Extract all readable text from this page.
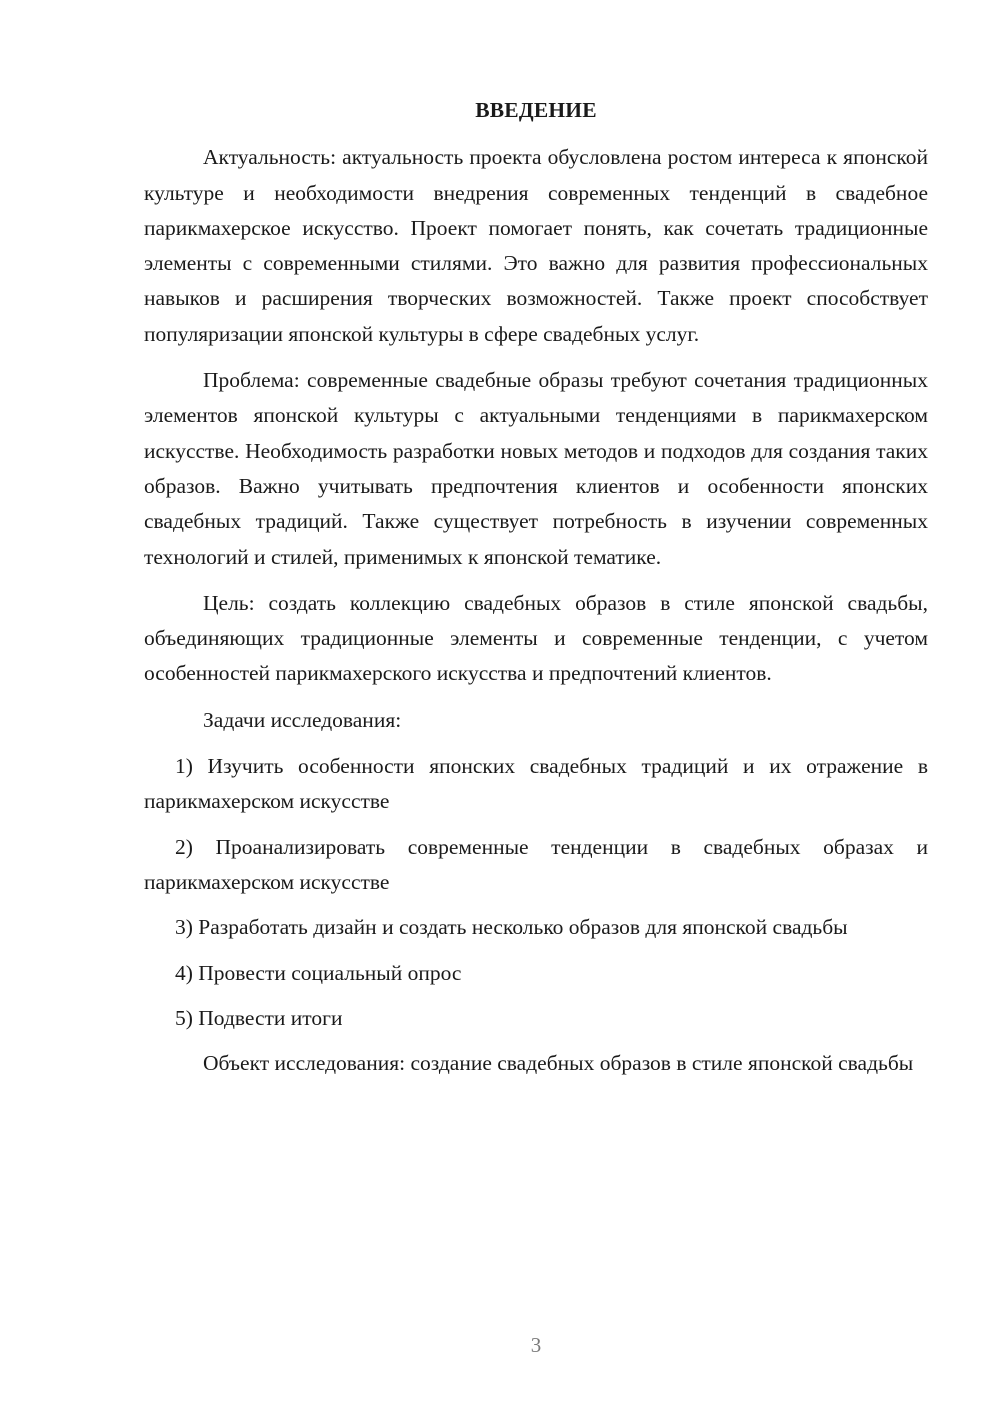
ВВЕДЕНИЕ

Актуальность: актуальность проекта обусловлена ростом интереса к японской культуре и необходимости внедрения современных тенденций в свадебное парикмахерское искусство. Проект помогает понять, как сочетать традиционные элементы с современными стилями. Это важно для развития профессиональных навыков и расширения творческих возможностей. Также проект способствует популяризации японской культуры в сфере свадебных услуг.

Проблема: современные свадебные образы требуют сочетания традиционных элементов японской культуры с актуальными тенденциями в парикмахерском искусстве. Необходимость разработки новых методов и подходов для создания таких образов. Важно учитывать предпочтения клиентов и особенности японских свадебных традиций. Также существует потребность в изучении современных технологий и стилей, применимых к японской тематике.

Цель: создать коллекцию свадебных образов в стиле японской свадьбы, объединяющих традиционные элементы и современные тенденции, с учетом особенностей парикмахерского искусства и предпочтений клиентов.

Задачи исследования:

1) Изучить особенности японских свадебных традиций и их отражение в парикмахерском искусстве

2) Проанализировать современные тенденции в свадебных образах и парикмахерском искусстве

3) Разработать дизайн и создать несколько образов для японской свадьбы

4) Провести социальный опрос

5) Подвести итоги

Объект исследования: создание свадебных образов в стиле японской свадьбы

3
